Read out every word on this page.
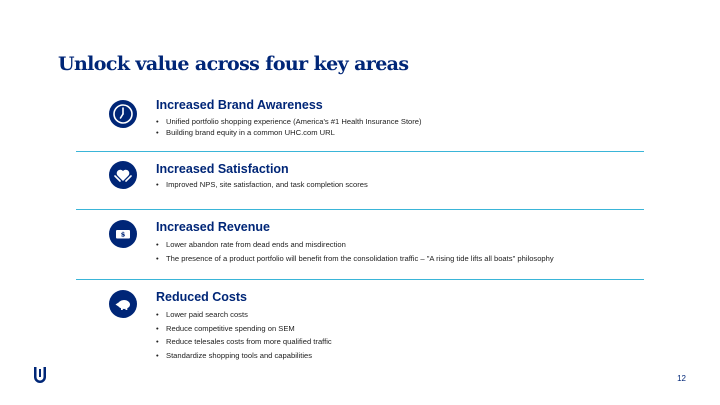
Unlock value across four key areas
Increased Brand Awareness
• Unified portfolio shopping experience (America's #1 Health Insurance Store)
• Building brand equity in a common UHC.com URL
Increased Satisfaction
• Improved NPS, site satisfaction, and task completion scores
$
Increased Revenue
• Lower abandon rate from dead ends and misdirection
• The presence of a product portfolio will benefit from the consolidation traffic – "A rising tide lifts all boats" philosophy
Reduced Costs
• Lower paid search costs
• Reduce competitive spending on SEM
• Reduce telesales costs from more qualified traffic
• Standardize shopping tools and capabilities
12
